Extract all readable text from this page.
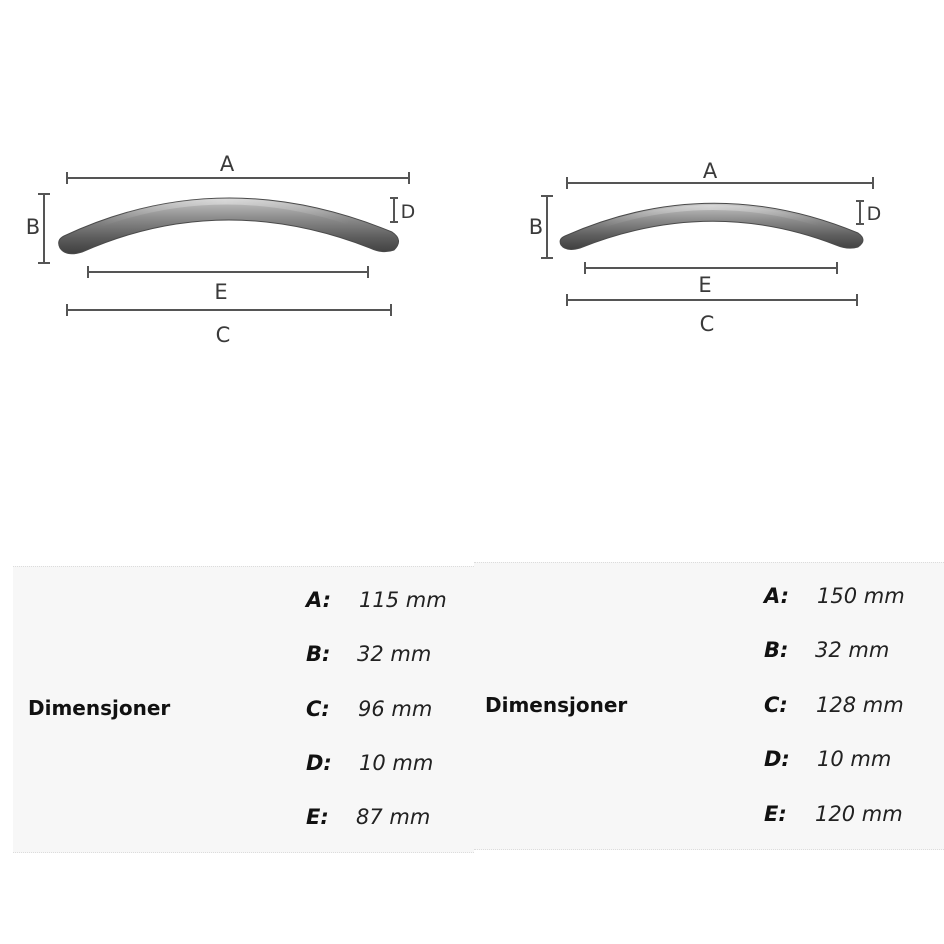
A
B
D
E
C
A
B
D
E
C
Dimensjoner
A: 115 mm
B: 32 mm
C: 96 mm
D: 10 mm
E: 87 mm
Dimensjoner
A: 150 mm
B: 32 mm
C: 128 mm
D: 10 mm
E: 120 mm
